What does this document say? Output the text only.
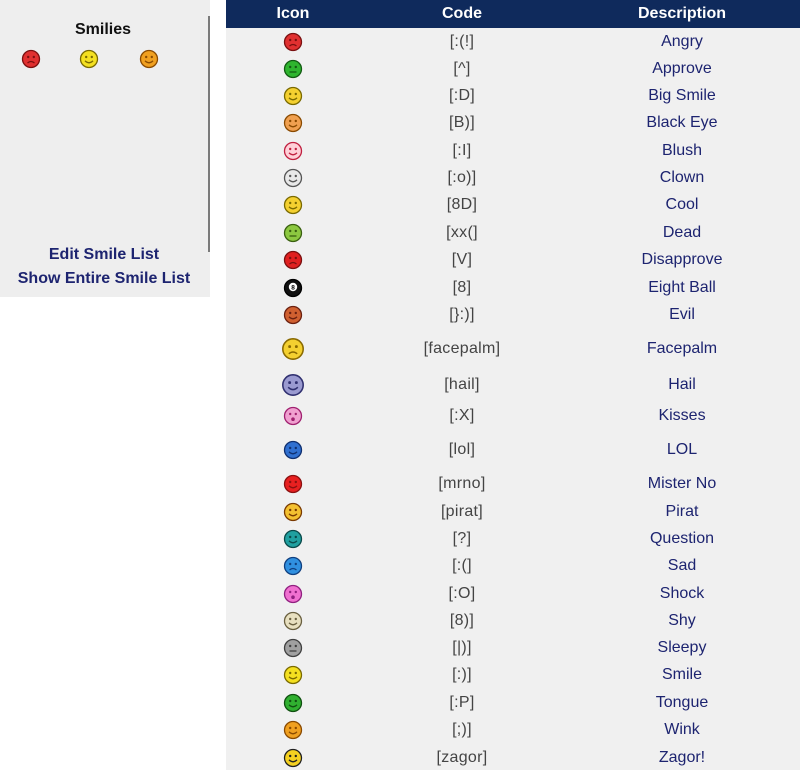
Smilies
Edit Smile List
Show Entire Smile List
Icon	Code	Description
[:(!]	Angry
[^]	Approve
[:D]	Big Smile
[B)]	Black Eye
[:I]	Blush
[:o)]	Clown
[8D]	Cool
[xx(]	Dead
[V]	Disapprove
8	[8]	Eight Ball
[}:)]	Evil
[facepalm]	Facepalm
[hail]	Hail
[:X]	Kisses
[lol]	LOL
[mrno]	Mister No
[pirat]	Pirat
[?]	Question
[:(]	Sad
[:O]	Shock
[8)]	Shy
[|)]	Sleepy
[:)]	Smile
[:P]	Tongue
[;)]	Wink
[zagor]	Zagor!
